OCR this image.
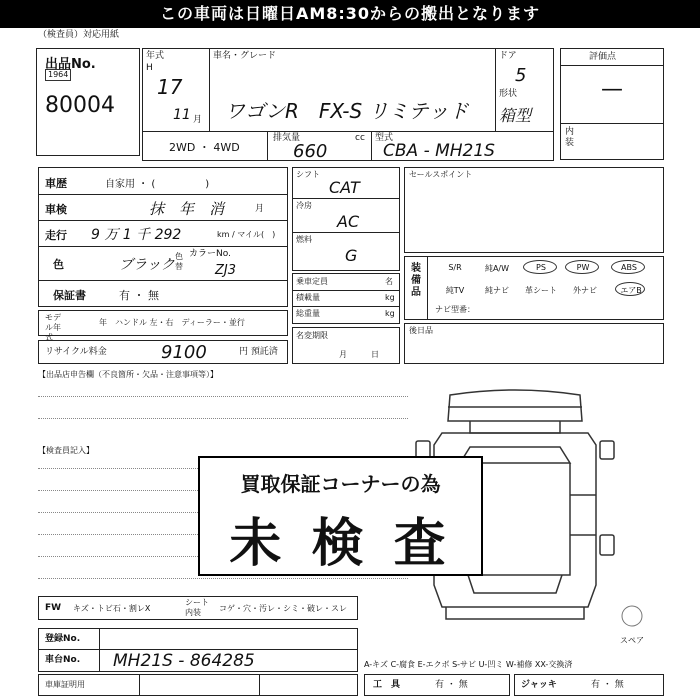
この車両は日曜日AM8:30からの搬出となります
（検査員）対応用紙
出品No.
1964
80004
年式
H
17
11 月
車名・グレード
ワゴンR　FX-S リミテッド
ドア
5
形状
箱型
2WD ・ 4WD
排気量	cc
660
型式
CBA - MH21S
評価点
—
内装
車歴	自家用 ・ (　　　　　)
車検	抹　年　消	月
走行 9 万 1 千 292	km / マイル(　)
色	ブラック
色替
カラーNo.
ZJ3
保証書	有 ・ 無
モデル年式
年　ハンドル 左・右　ディーラー・並行
リサイクル料金	9100	円 預託済
シフト
CAT
冷房
AC
燃料
G
乗車定員	名
積載量	kg
総重量	kg
名変期限
月　　　日
セールスポイント
装備品
S/R	純A/W	PS	PW	ABS
純TV	純ナビ	革シート	外ナビ	エアB
ナビ型番：
後日品
【出品店申告欄（不良箇所・欠品・注意事項等）】
【検査員記入】
スペア
買取保証コーナーの為
未 検 査
FW キズ・トビ石・割レX
シート内装	コゲ・穴・汚レ・シミ・破レ・スレ
登録No.
車台No. MH21S - 864285	A-キズ C-腐食 E-エクボ S-サビ U-凹ミ W-補修 XX-交換済
車庫証明用	工　具	有 ・ 無	ジャッキ	有 ・ 無
